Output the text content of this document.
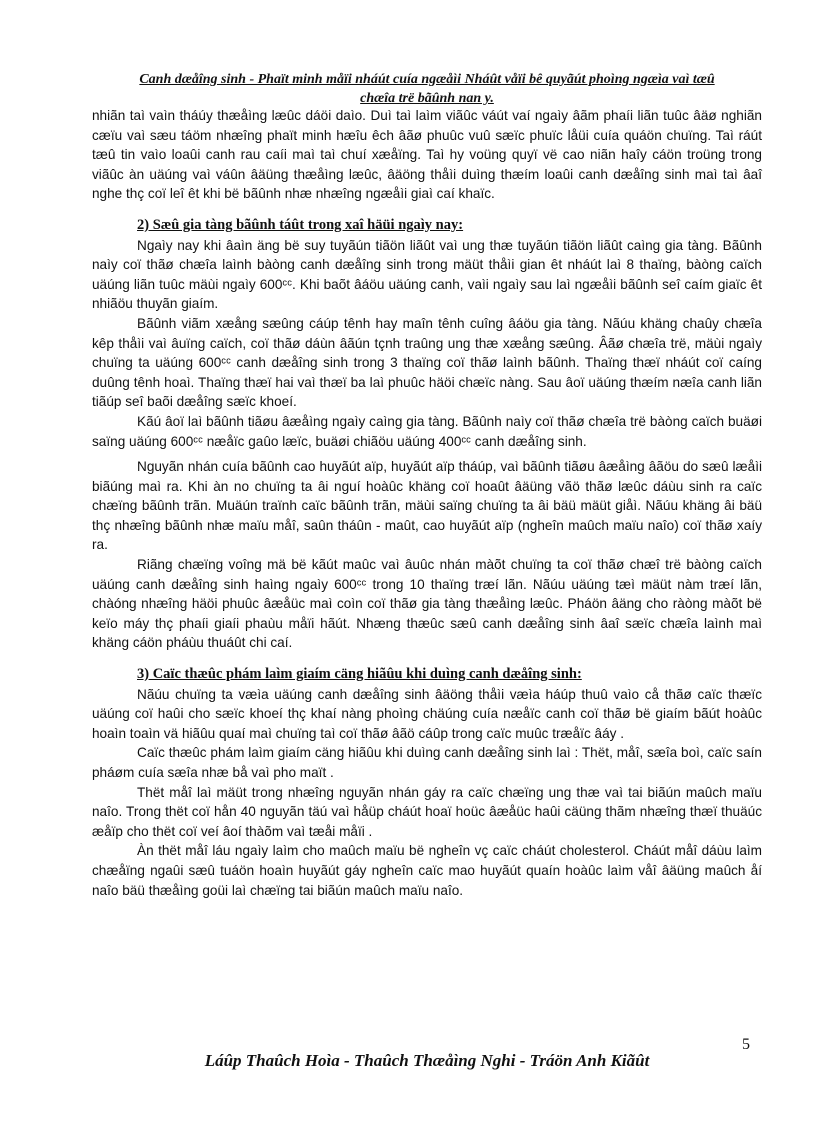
Canh dæåîng sinh - Phaït minh måïi nháút cuía ngæåìi Nháût våïi bê quyãút phoìng ngæìa vaì tæû
chæîa trë bãûnh nan y.

nhiãn taì vaìn tháúy thæåìng læûc dáöi daìo. Duì taì laìm viãûc váút vaí ngaìy âãm phaíi liãn tuûc âäø nghiãn cæïu vaì sæu táöm nhæîng phaït minh hæîu êch âãø phuûc vuû sæïc phuïc låüi cuía quáön chuïng. Taì ráút tæû tin vaìo loaûi canh rau caíi maì taì chuí xæåïng. Taì hy voüng quyï vë cao niãn haîy cáön troüng trong viãûc àn uäúng vaì váûn âäüng thæåìng læûc, âäöng thåìi duìng thæím loaûi canh dæåîng sinh maì taì âaî nghe thç coï leî êt khi bë bãûnh nhæ nhæîng ngæåìi giaì caí khaïc.

2) Sæû gia tàng bãûnh táût trong xaî häüi ngaìy nay:

Ngaìy nay khi âaìn äng bë suy tuyãún tiãön liãût vaì ung thæ tuyãún tiãön liãût caìng gia tàng. Bãûnh naìy coï thãø chæîa laình bàòng canh dæåîng sinh trong mäüt thåìi gian êt nháút laì 8 thaïng, bàòng caïch uäúng liãn tuûc mäùi ngaìy 600ᶜᶜ. Khi baõt âáöu uäúng canh, vaìi ngaìy sau laì ngæåìi bãûnh seî caím giaïc êt nhiãöu thuyãn giaím.

Bãûnh viãm xæång sæûng cáúp tênh hay maîn tênh cuîng âáöu gia tàng. Nãúu khäng chaûy chæîa kêp thåìi vaì âuïng caïch, coï thãø dáùn âãún tçnh traûng ung thæ xæång sæûng. Âãø chæîa trë, mäùi ngaìy chuïng ta uäúng 600ᶜᶜ canh dæåîng sinh trong 3 thaïng coï thãø laình bãûnh. Thaïng thæï nháút coï caíng duûng tênh hoaì. Thaïng thæï hai vaì thæï ba laì phuûc häöi chæïc nàng. Sau âoï uäúng thæím næîa canh liãn tiãúp seî baõi dæåîng sæïc khoeí.

Kãú âoï laì bãûnh tiãøu âæåìng ngaìy caìng gia tàng. Bãûnh naìy coï thãø chæîa trë bàòng caïch buäøi saïng uäúng 600ᶜᶜ næåïc gaûo læïc, buäøi chiãöu uäúng 400ᶜᶜ canh dæåîng sinh.

Nguyãn nhán cuía bãûnh cao huyãút aïp, huyãút aïp tháúp, vaì bãûnh tiãøu âæåìng âãöu do sæû læåìi biãúng maì ra. Khi àn no chuïng ta âi nguí hoàûc khäng coï hoaût âäüng vãö thãø læûc dáùu sinh ra caïc chæïng bãûnh trãn. Muäún traïnh caïc bãûnh trãn, mäùi saïng chuïng ta âi bäü mäüt giåì. Nãúu khäng âi bäü thç nhæîng bãûnh nhæ maïu måî, saûn tháûn - maût, cao huyãút aïp (ngheîn maûch maïu naîo) coï thãø xaíy ra.

Riãng chæïng voîng mä bë kãút maûc vaì âuûc nhán màõt chuïng ta coï thãø chæî trë bàòng caïch uäúng canh dæåîng sinh haìng ngaìy 600ᶜᶜ trong 10 thaïng træí lãn. Nãúu uäúng tæì mäüt nàm træí lãn, chàóng nhæîng häöi phuûc âæåüc maì coìn coï thãø gia tàng thæåìng læûc. Pháön âäng cho ràòng màõt bë keïo máy thç phaíi giaíi phaùu måïi hãút. Nhæng thæûc sæû canh dæåîng sinh âaî sæïc chæîa laình maì khäng cáön pháùu thuáût chi caí.

3) Caïc thæûc phám laìm giaím cäng hiãûu khi duìng canh dæåîng sinh:

Nãúu chuïng ta væìa uäúng canh dæåîng sinh âäöng thåìi væìa háúp thuû vaìo cå thãø caïc thæïc uäúng coï haûi cho sæïc khoeí thç khaí nàng phoìng chäúng cuía næåïc canh coï thãø bë giaím bãút hoàûc hoaìn toaìn vä hiãûu quaí maì chuïng taì coï thãø âãö cáûp trong caïc muûc træåïc âáy .

Caïc thæûc phám laìm giaím cäng hiãûu khi duìng canh dæåîng sinh laì : Thët, måî, sæîa boì, caïc saín pháøm cuía sæîa nhæ bå vaì pho maït .

Thët måî laì mäüt trong nhæîng nguyãn nhán gáy ra caïc chæïng ung thæ vaì tai biãún maûch maïu naîo. Trong thët coï hån 40 nguyãn täú vaì håüp cháút hoaï hoüc âæåüc haûi cäüng thãm nhæîng thæï thuäúc æåïp cho thët coï veí âoí thàõm vaì tæåi måïi .

Àn thët måî láu ngaìy laìm cho maûch maïu bë ngheîn vç caïc cháút cholesterol. Cháút måî dáùu laìm chæåïng ngaûi sæû tuáön hoaìn huyãút gáy ngheîn caïc mao huyãút quaín hoàûc laìm våî âäüng maûch åí naîo bäü thæåìng goüi laì chæïng tai biãún maûch maïu naîo.

5
Láûp Thaûch Hoìa - Thaûch Thæåìng Nghi - Tráön Anh Kiãût
